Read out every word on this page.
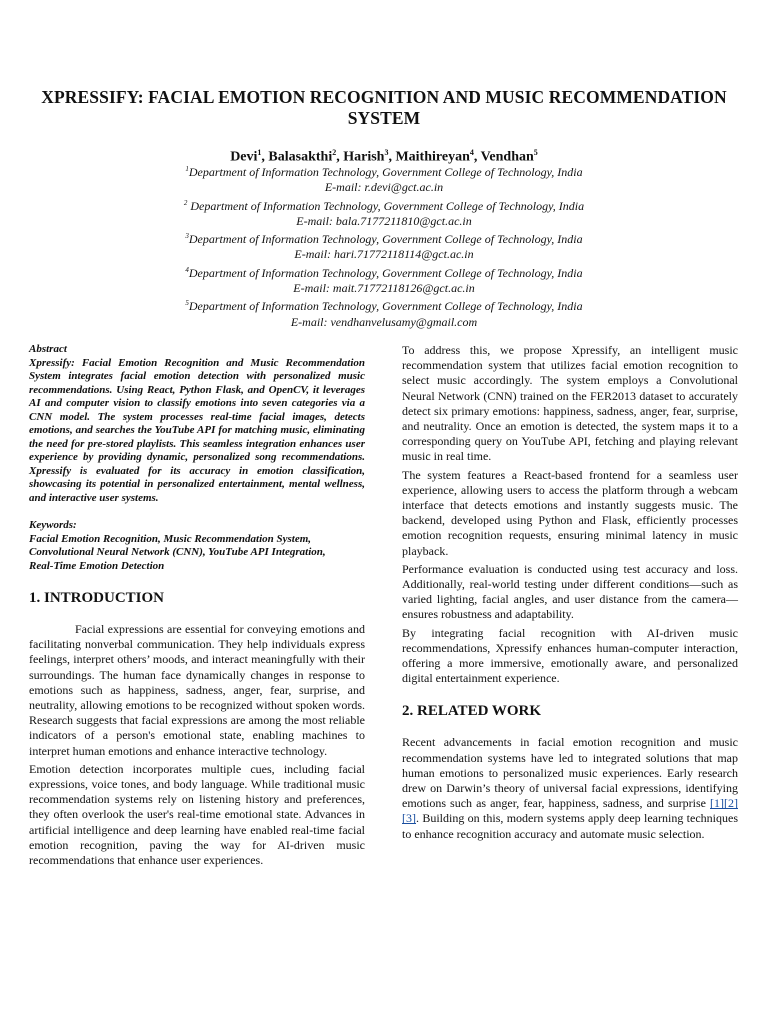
XPRESSIFY: FACIAL EMOTION RECOGNITION AND MUSIC RECOMMENDATION SYSTEM
Devi$^1$, Balasakthi$^2$, Harish$^3$, Maithireyan$^4$, Vendhan$^5$
$^1$Department of Information Technology, Government College of Technology, India
E-mail: r.devi@gct.ac.in
$^2$ Department of Information Technology, Government College of Technology, India
E-mail: bala.7177211810@gct.ac.in
$^3$Department of Information Technology, Government College of Technology, India
E-mail: hari.71772118114@gct.ac.in
$^4$Department of Information Technology, Government College of Technology, India
E-mail: mait.71772118126@gct.ac.in
$^5$Department of Information Technology, Government College of Technology, India
E-mail: vendhanvelusamy@gmail.com
Abstract

Xpressify: Facial Emotion Recognition and Music Recommendation System integrates facial emotion detection with personalized music recommendations. Using React, Python Flask, and OpenCV, it leverages AI and computer vision to classify emotions into seven categories via a CNN model. The system processes real-time facial images, detects emotions, and searches the YouTube API for matching music, eliminating the need for pre-stored playlists. This seamless integration enhances user experience by providing dynamic, personalized song recommendations. Xpressify is evaluated for its accuracy in emotion classification, showcasing its potential in personalized entertainment, mental wellness, and interactive user systems.

Keywords:
Facial Emotion Recognition, Music Recommendation System,
Convolutional Neural Network (CNN), YouTube API Integration,
Real-Time Emotion Detection
1. INTRODUCTION

Facial expressions are essential for conveying emotions and facilitating nonverbal communication. They help individuals express feelings, interpret others’ moods, and interact meaningfully with their surroundings. The human face dynamically changes in response to emotions such as happiness, sadness, anger, fear, surprise, and neutrality, allowing emotions to be recognized without spoken words. Research suggests that facial expressions are among the most reliable indicators of a person's emotional state, enabling machines to interpret human emotions and enhance interactive technology.

Emotion detection incorporates multiple cues, including facial expressions, voice tones, and body language. While traditional music recommendation systems rely on listening history and preferences, they often overlook the user's real-time emotional state. Advances in artificial intelligence and deep learning have enabled real-time facial emotion recognition, paving the way for AI-driven music recommendations that enhance user experiences.

To address this, we propose Xpressify, an intelligent music recommendation system that utilizes facial emotion recognition to select music accordingly. The system employs a Convolutional Neural Network (CNN) trained on the FER2013 dataset to accurately detect six primary emotions: happiness, sadness, anger, fear, surprise, and neutrality. Once an emotion is detected, the system maps it to a corresponding query on YouTube API, fetching and playing relevant music in real time.

The system features a React-based frontend for a seamless user experience, allowing users to access the platform through a webcam interface that detects emotions and instantly suggests music. The backend, developed using Python and Flask, efficiently processes emotion recognition requests, ensuring minimal latency in music playback.

Performance evaluation is conducted using test accuracy and loss. Additionally, real-world testing under different conditions—such as varied lighting, facial angles, and user distance from the camera—ensures robustness and adaptability.

By integrating facial recognition with AI-driven music recommendations, Xpressify enhances human-computer interaction, offering a more immersive, emotionally aware, and personalized digital entertainment experience.

2. RELATED WORK

Recent advancements in facial emotion recognition and music recommendation systems have led to integrated solutions that map human emotions to personalized music experiences. Early research drew on Darwin’s theory of universal facial expressions, identifying emotions such as anger, fear, happiness, sadness, and surprise [1][2][3]. Building on this, modern systems apply deep learning techniques to enhance recognition accuracy and automate music selection.
